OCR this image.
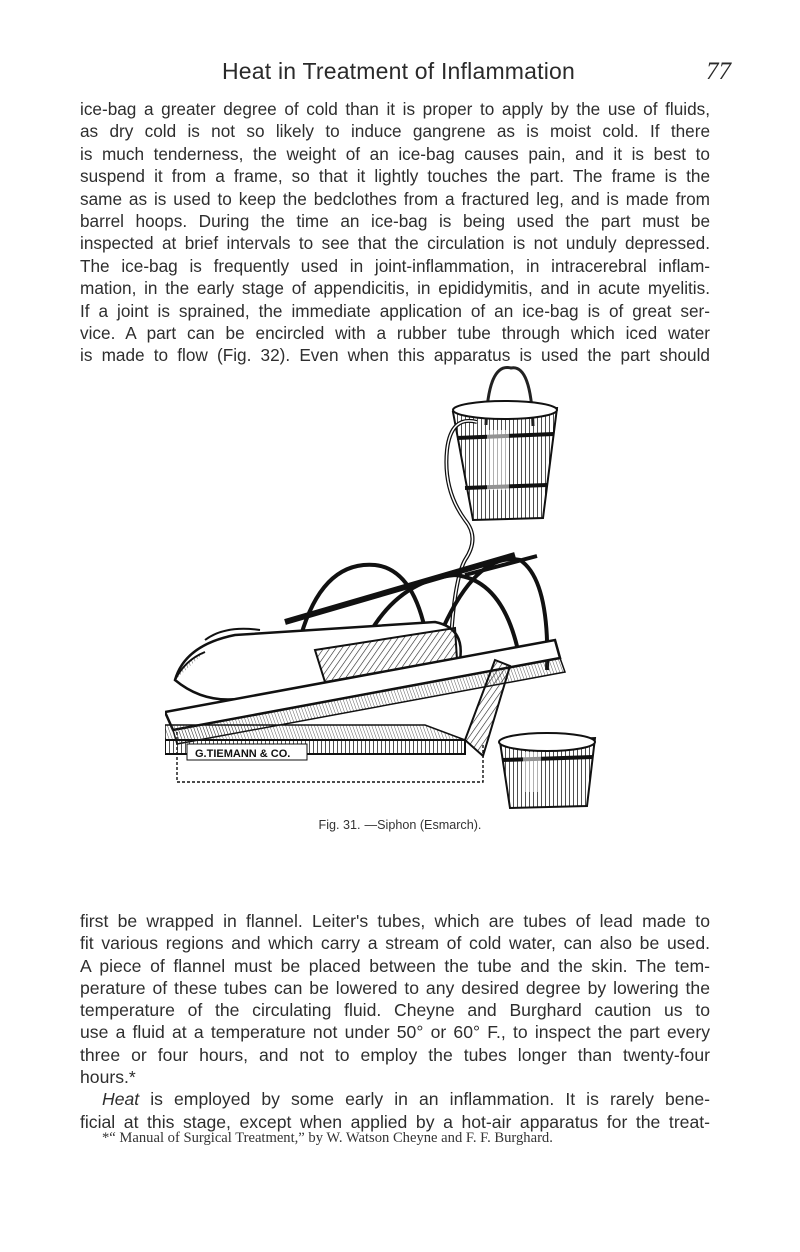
Heat in Treatment of Inflammation	77

ice-bag a greater degree of cold than it is proper to apply by the use of fluids,
as dry cold is not so likely to induce gangrene as is moist cold. If there
is much tenderness, the weight of an ice-bag causes pain, and it is best to
suspend it from a frame, so that it lightly touches the part. The frame is the
same as is used to keep the bedclothes from a fractured leg, and is made from
barrel hoops. During the time an ice-bag is being used the part must be
inspected at brief intervals to see that the circulation is not unduly depressed.
The ice-bag is frequently used in joint-inflammation, in intracerebral inflam-
mation, in the early stage of appendicitis, in epididymitis, and in acute myelitis.
If a joint is sprained, the immediate application of an ice-bag is of great ser-
vice. A part can be encircled with a rubber tube through which iced water
is made to flow (Fig. 32). Even when this apparatus is used the part should

G.TIEMANN & CO.
Fig. 31. —Siphon (Esmarch).

first be wrapped in flannel. Leiter's tubes, which are tubes of lead made to
fit various regions and which carry a stream of cold water, can also be used.
A piece of flannel must be placed between the tube and the skin. The tem-
perature of these tubes can be lowered to any desired degree by lowering the
temperature of the circulating fluid. Cheyne and Burghard caution us to
use a fluid at a temperature not under 50° or 60° F., to inspect the part every
three or four hours, and not to employ the tubes longer than twenty-four
hours.*
Heat is employed by some early in an inflammation. It is rarely bene-
ficial at this stage, except when applied by a hot-air apparatus for the treat-

*“ Manual of Surgical Treatment,” by W. Watson Cheyne and F. F. Burghard.
